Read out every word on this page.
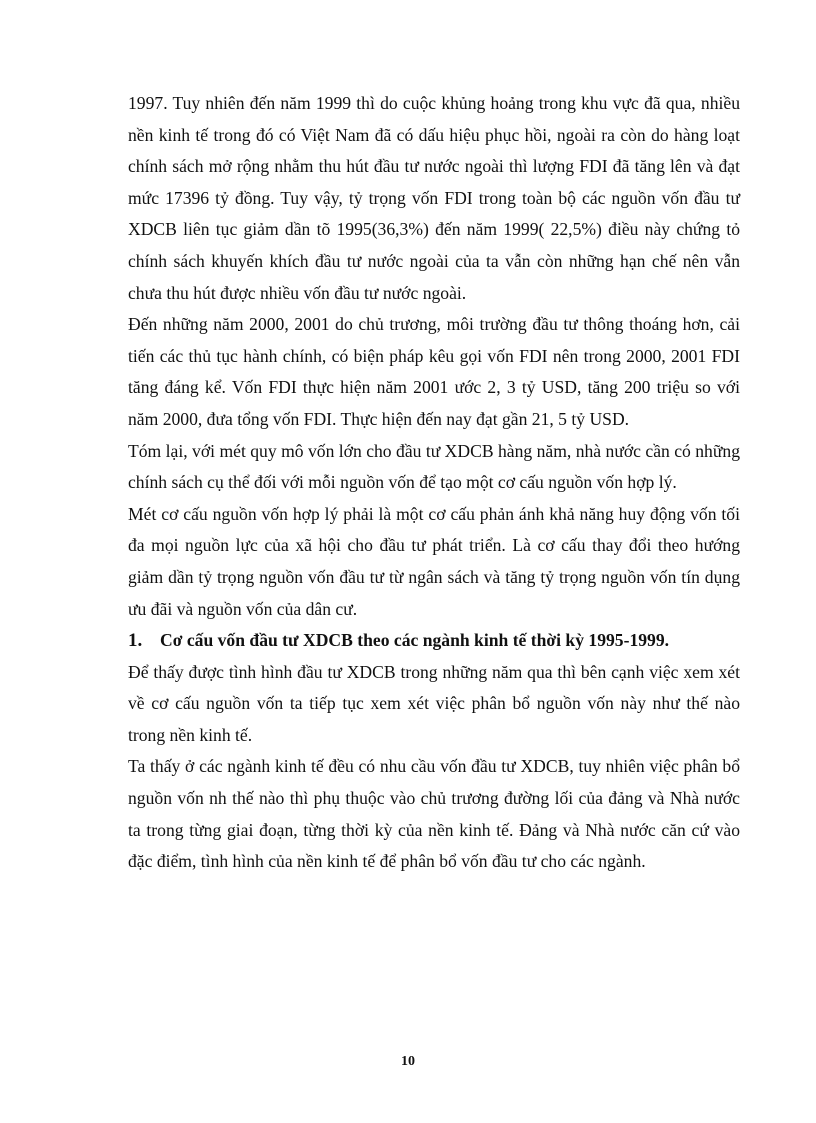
1997. Tuy nhiên đến năm 1999 thì do cuộc khủng hoảng trong khu vực đã qua, nhiều nền kinh tế trong đó có Việt Nam đã có dấu hiệu phục hồi, ngoài ra còn do hàng loạt chính sách mở rộng nhằm thu hút đầu tư nước ngoài thì lượng FDI đã tăng lên và đạt mức 17396 tỷ đồng. Tuy vậy, tỷ trọng vốn FDI trong toàn bộ các nguồn vốn đầu tư XDCB liên tục giảm dần tõ 1995(36,3%) đến năm 1999( 22,5%) điều này chứng tỏ chính sách khuyến khích đầu tư nước ngoài của ta vẫn còn những hạn chế nên vẫn chưa thu hút được nhiều vốn đầu tư nước ngoài.

Đến những năm 2000, 2001 do chủ trương, môi trường đầu tư thông thoáng hơn, cải tiến các thủ tục hành chính, có biện pháp kêu gọi vốn FDI nên trong 2000, 2001 FDI tăng đáng kể. Vốn FDI thực hiện năm 2001 ước 2, 3 tỷ USD, tăng 200 triệu so với năm 2000, đưa tổng vốn FDI. Thực hiện đến nay đạt gần 21, 5 tỷ USD.

Tóm lại, với mét quy mô vốn lớn cho đầu tư XDCB hàng năm, nhà nước cần có những chính sách cụ thể đối với mỗi nguồn vốn để tạo một cơ cấu nguồn vốn hợp lý.

Mét cơ cấu nguồn vốn hợp lý phải là một cơ cấu phản ánh khả năng huy động vốn tối đa mọi nguồn lực của xã hội cho đầu tư phát triển. Là cơ cấu thay đổi theo hướng giảm dần tỷ trọng nguồn vốn đầu tư từ ngân sách và tăng tỷ trọng nguồn vốn tín dụng ưu đãi và nguồn vốn của dân cư.

1.	Cơ cấu vốn đầu tư XDCB theo các ngành kinh tế thời kỳ 1995-1999.

Để thấy được tình hình đầu tư XDCB trong những năm qua thì bên cạnh việc xem xét về cơ cấu nguồn vốn ta tiếp tục xem xét việc phân bổ nguồn vốn này như thế nào trong nền kinh tế.

Ta thấy ở các ngành kinh tế đều có nhu cầu vốn đầu tư XDCB, tuy nhiên việc phân bổ nguồn vốn nh thế nào thì phụ thuộc vào chủ trương đường lối của đảng và Nhà nước ta trong từng giai đoạn, từng thời kỳ của nền kinh tế. Đảng và Nhà nước căn cứ vào đặc điểm, tình hình của nền kinh tế để phân bổ vốn đầu tư cho các ngành.

10
